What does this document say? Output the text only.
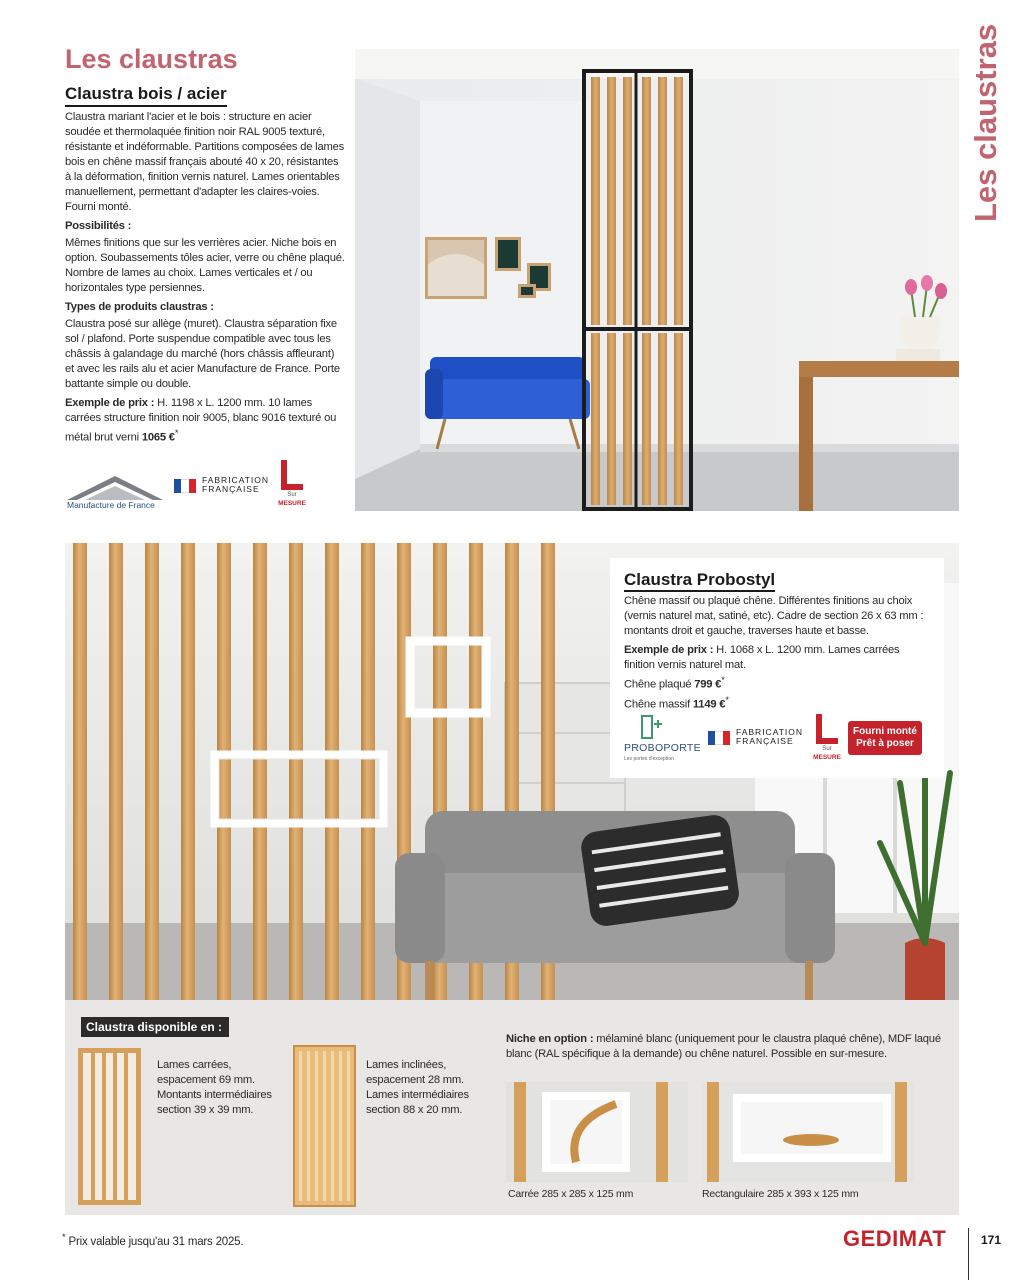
Les claustras
Claustra bois / acier

Claustra mariant l'acier et le bois : structure en acier soudée et thermolaquée finition noir RAL 9005 texturé, résistante et indéformable. Partitions composées de lames bois en chêne massif français abouté 40 x 20, résistantes à la déformation, finition vernis naturel. Lames orientables manuellement, permettant d'adapter les claires-voies. Fourni monté.

Possibilités :

Mêmes finitions que sur les verrières acier. Niche bois en option. Soubassements tôles acier, verre ou chêne plaqué. Nombre de lames au choix. Lames verticales et / ou horizontales type persiennes.

Types de produits claustras :

Claustra posé sur allège (muret). Claustra séparation fixe sol / plafond. Porte suspendue compatible avec tous les châssis à galandage du marché (hors châssis affleurant) et avec les rails alu et acier Manufacture de France. Porte battante simple ou double.

Exemple de prix : H. 1198 x L. 1200 mm. 10 lames carrées structure finition noir 9005, blanc 9016 texturé ou métal brut verni 1065 €*

Manufacture de France
FABRICATION
FRANÇAISE
Sur
MESURE
Les claustras
Claustra Probostyl

Chêne massif ou plaqué chêne. Différentes finitions au choix (vernis naturel mat, satiné, etc). Cadre de section 26 x 63 mm : montants droit et gauche, traverses haute et basse.

Exemple de prix : H. 1068 x L. 1200 mm. Lames carrées finition vernis naturel mat.
Chêne plaqué 799 €*
Chêne massif 1149 €*
PROBOPORTE
Les portes d'exception
FABRICATION
FRANÇAISE
Sur
MESURE
Fourni monté
Prêt à poser
Claustra disponible en :

Lames carrées, espacement 69 mm. Montants intermédiaires section 39 x 39 mm.

Lames inclinées, espacement 28 mm. Lames intermédiaires section 88 x 20 mm.

Niche en option : mélaminé blanc (uniquement pour le claustra plaqué chêne), MDF laqué blanc (RAL spécifique à la demande) ou chêne naturel. Possible en sur-mesure.

Carrée 285 x 285 x 125 mm	Rectangulaire 285 x 393 x 125 mm
* Prix valable jusqu'au 31 mars 2025.	GEDIMAT	171
